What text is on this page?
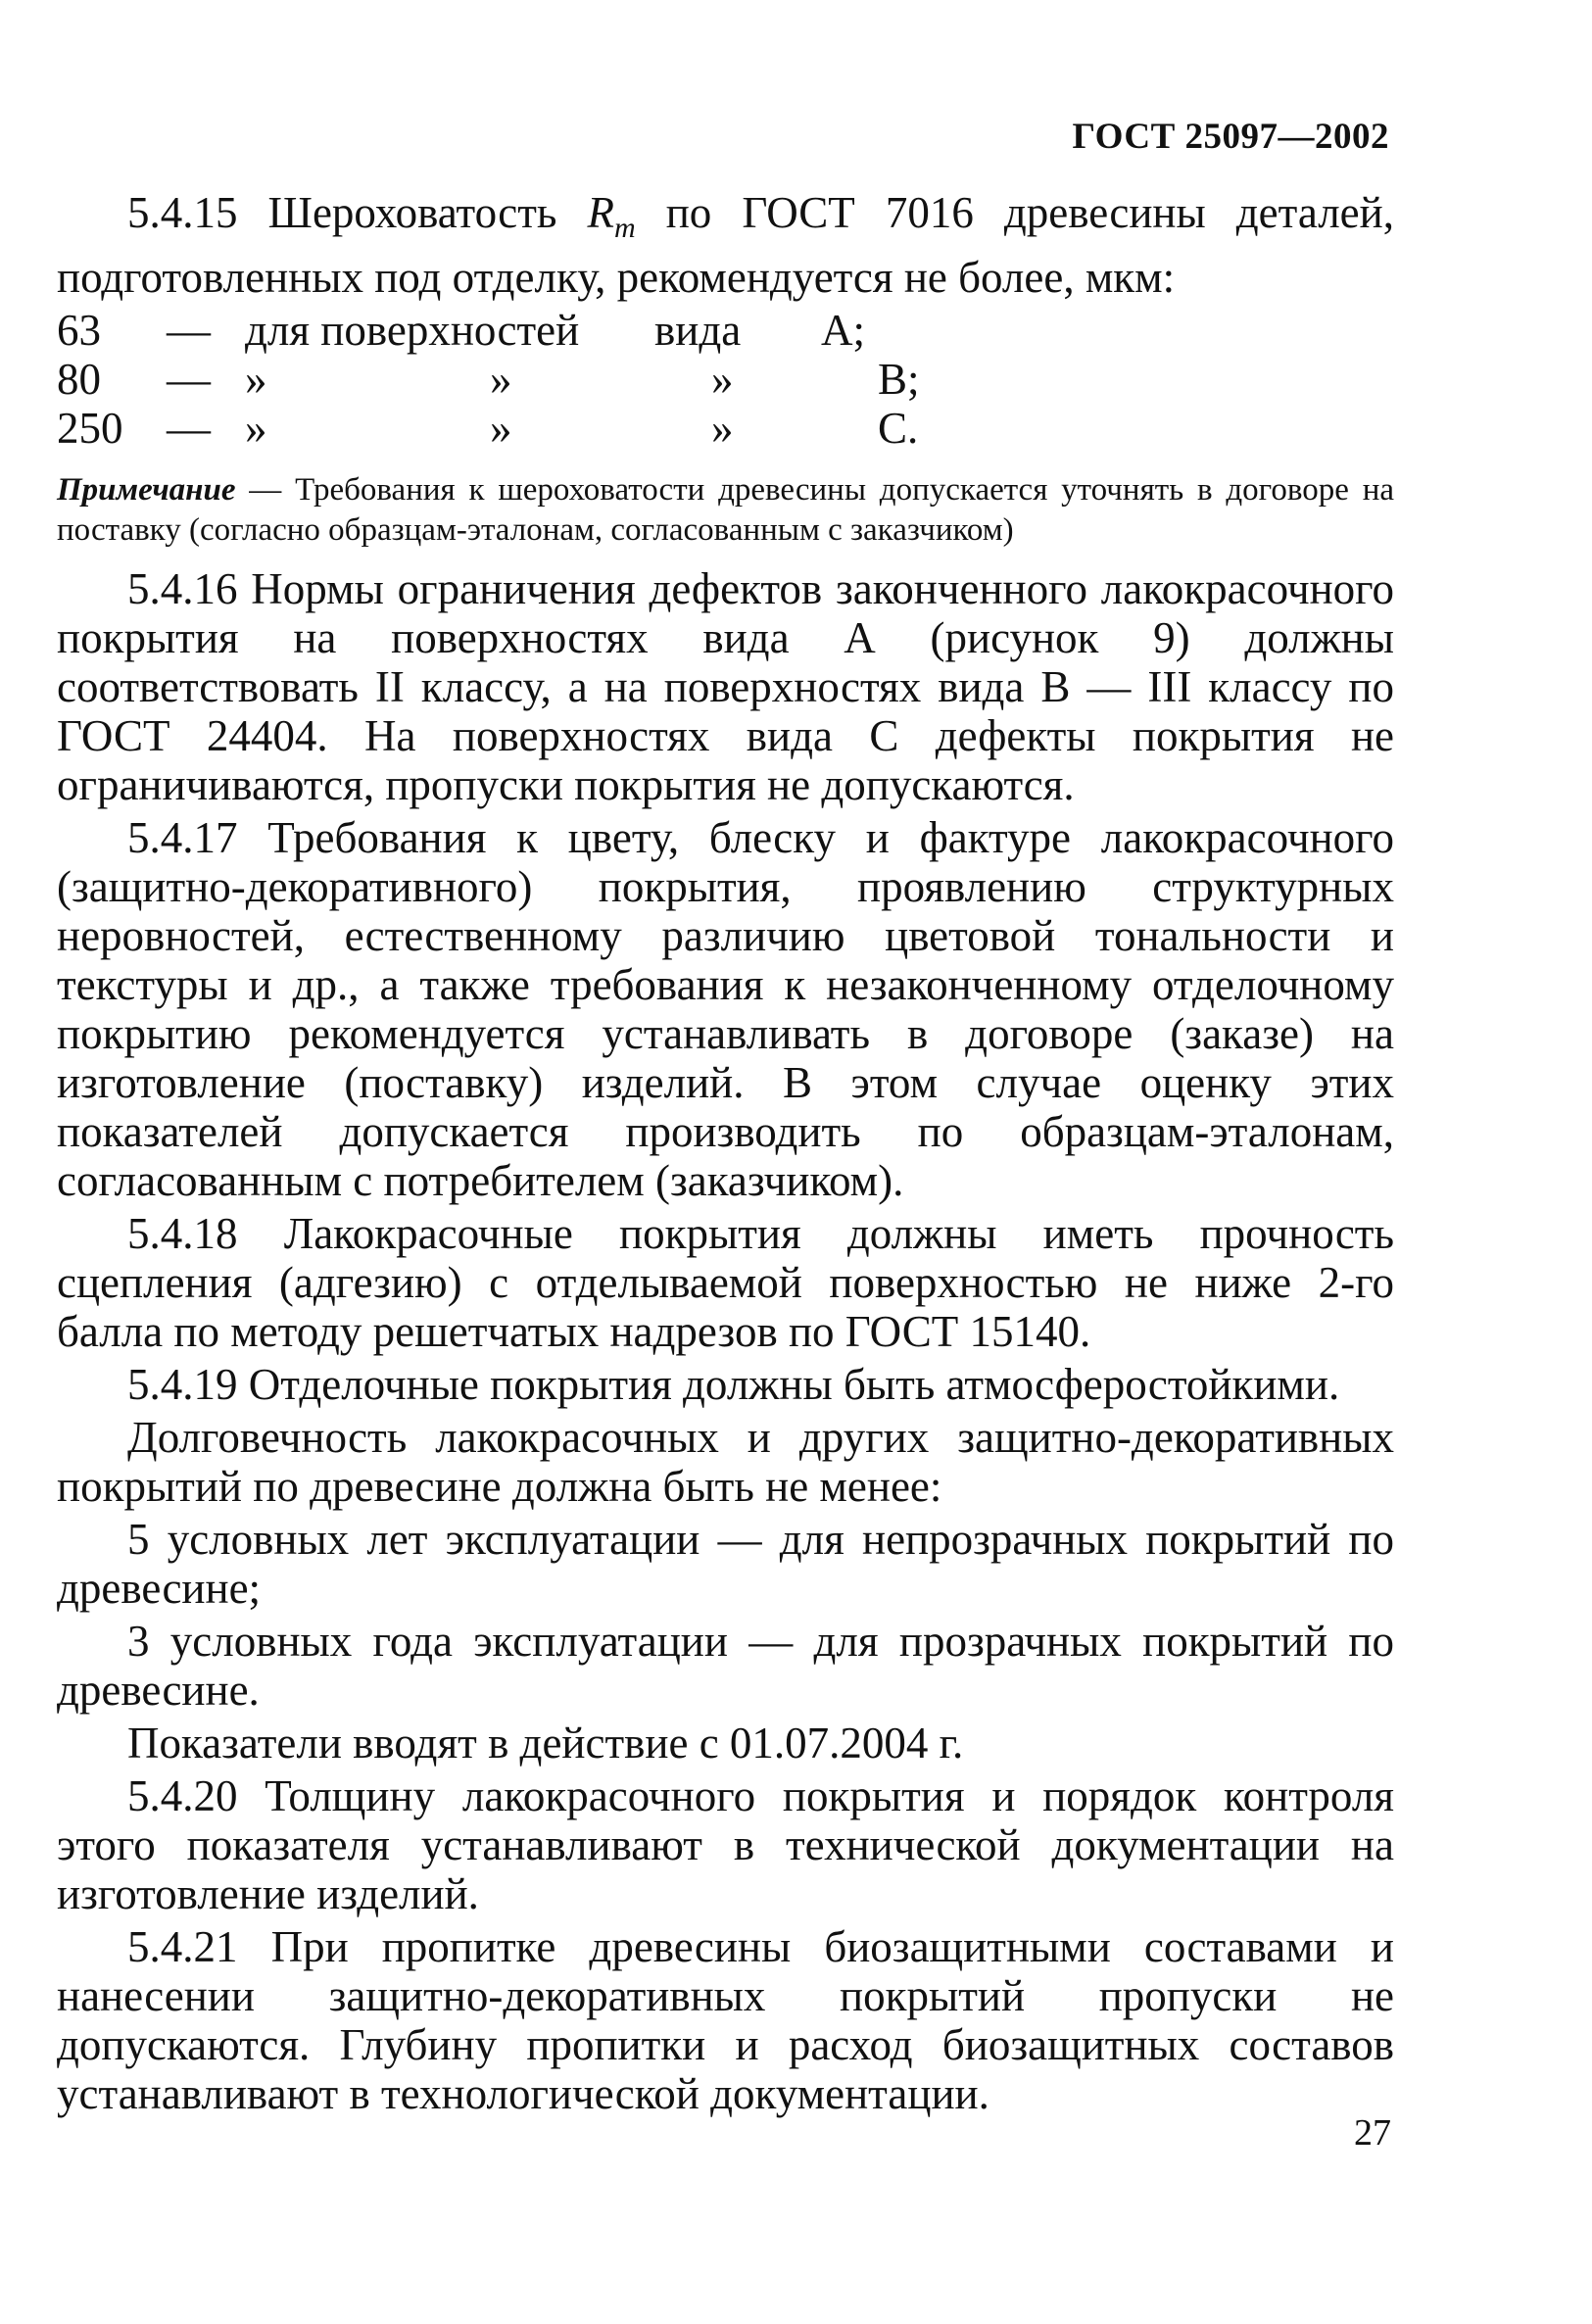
ГОСТ 25097—2002

5.4.15 Шероховатость $R_m$ по ГОСТ 7016 древесины деталей, подготовленных под отделку, рекомендуется не более, мкм:

63	— для поверхностей	вида	A;
80	— »	»	»	B;
250 — »	»	»	C.

Примечание — Требования к шероховатости древесины допускается уточнять в договоре на поставку (согласно образцам-эталонам, согласованным с заказчиком)

5.4.16 Нормы ограничения дефектов законченного лакокрасочного покрытия на поверхностях вида А (рисунок 9) должны соответствовать II классу, а на поверхностях вида В — III классу по ГОСТ 24404. На поверхностях вида С дефекты покрытия не ограничиваются, пропуски покрытия не допускаются.

5.4.17 Требования к цвету, блеску и фактуре лакокрасочного (защитно-декоративного) покрытия, проявлению структурных неровностей, естественному различию цветовой тональности и текстуры и др., а также требования к незаконченному отделочному покрытию рекомендуется устанавливать в договоре (заказе) на изготовление (поставку) изделий. В этом случае оценку этих показателей допускается производить по образцам-эталонам, согласованным с потребителем (заказчиком).

5.4.18 Лакокрасочные покрытия должны иметь прочность сцепления (адгезию) с отделываемой поверхностью не ниже 2-го балла по методу решетчатых надрезов по ГОСТ 15140.

5.4.19 Отделочные покрытия должны быть атмосферостойкими.

Долговечность лакокрасочных и других защитно-декоративных покрытий по древесине должна быть не менее:

5 условных лет эксплуатации — для непрозрачных покрытий по древесине;

3 условных года эксплуатации — для прозрачных покрытий по древесине.

Показатели вводят в действие с 01.07.2004 г.

5.4.20 Толщину лакокрасочного покрытия и порядок контроля этого показателя устанавливают в технической документации на изготовление изделий.

5.4.21 При пропитке древесины биозащитными составами и нанесении защитно-декоративных покрытий пропуски не допускаются. Глубину пропитки и расход биозащитных составов устанавливают в технологической документации.

27
